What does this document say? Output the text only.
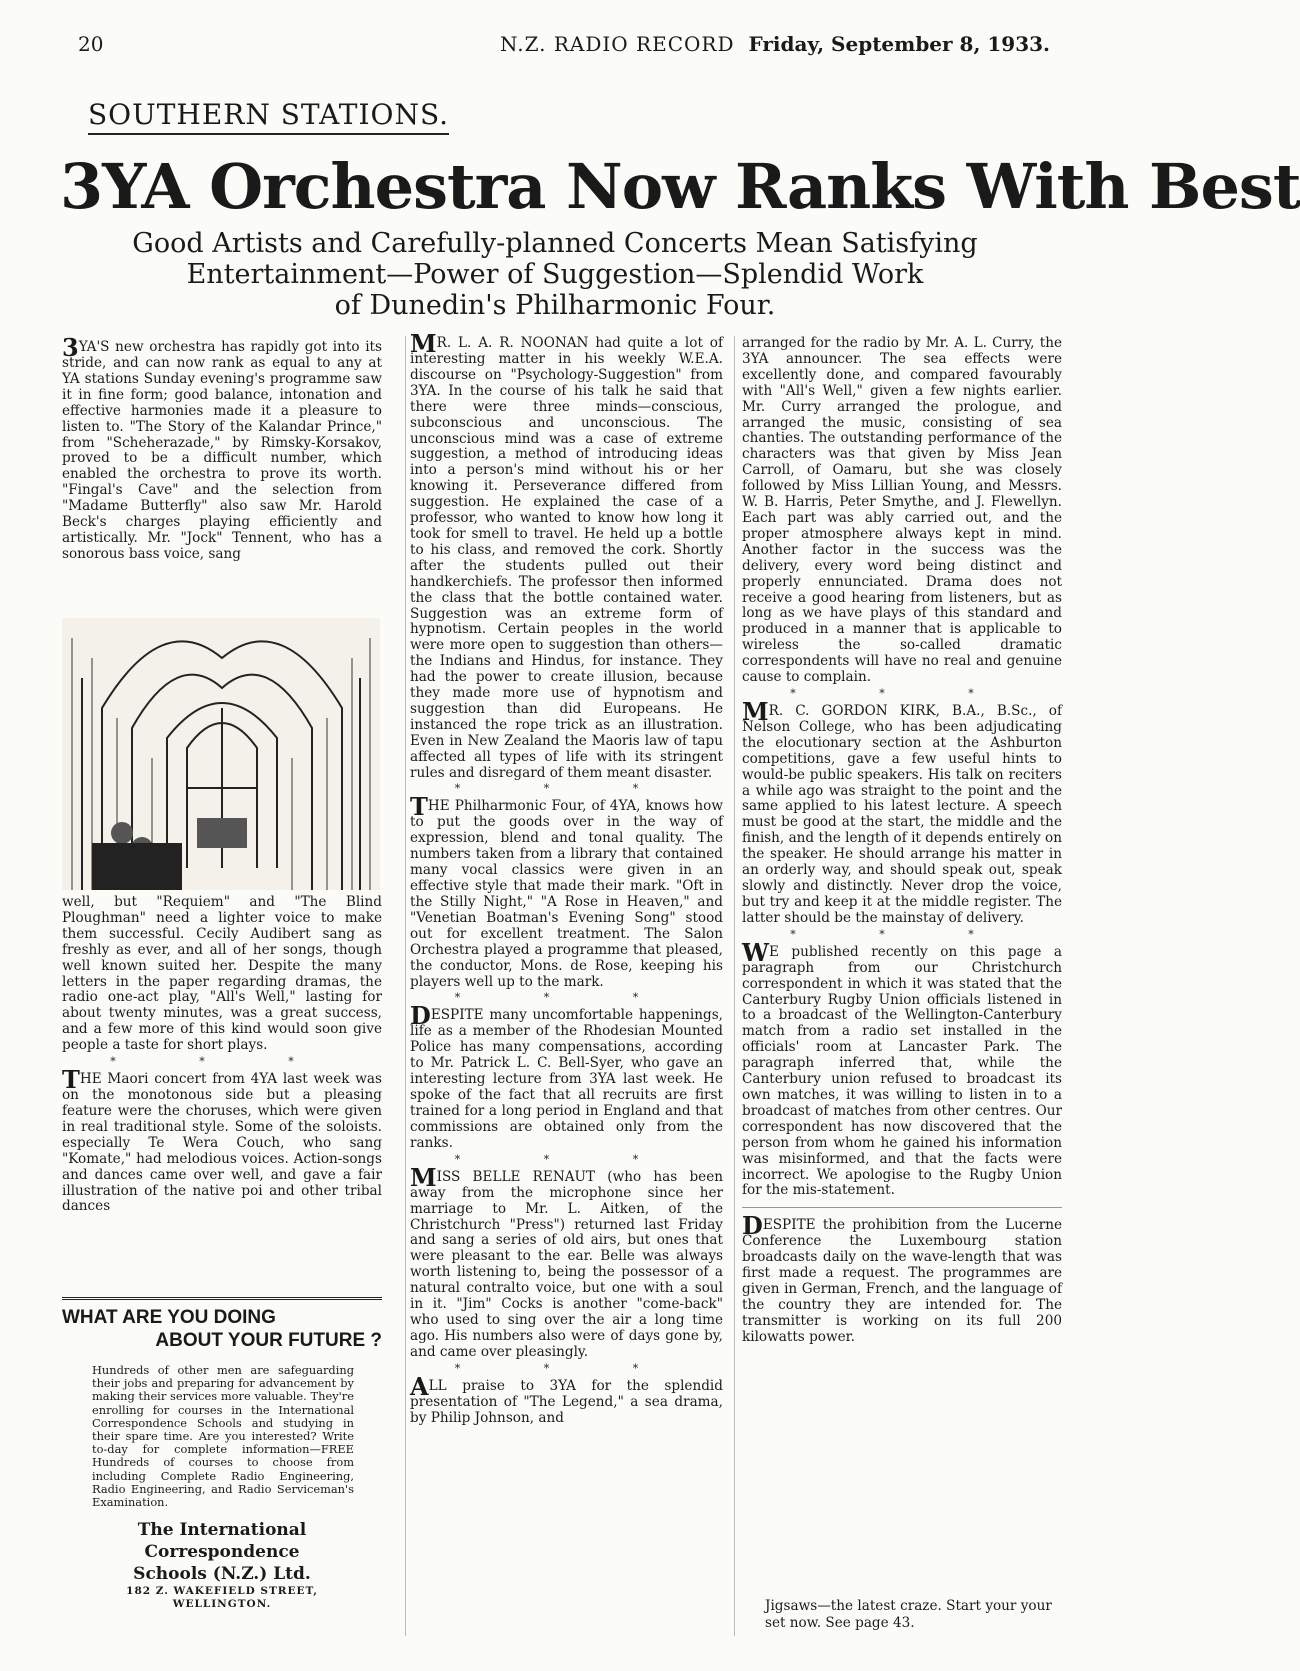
20	N.Z. RADIO RECORD Friday, September 8, 1933.
SOUTHERN STATIONS.
3YA Orchestra Now Ranks With Best
Good Artists and Carefully-planned Concerts Mean Satisfying
Entertainment—Power of Suggestion—Splendid Work
of Dunedin's Philharmonic Four.

3YA'S new orchestra has rapidly got into its stride, and can now rank as equal to any at YA stations Sunday evening's programme saw it in fine form; good balance, intonation and effective harmonies made it a pleasure to listen to. "The Story of the Kalandar Prince," from "Scheherazade," by Rimsky-Korsakov, proved to be a difficult number, which enabled the orchestra to prove its worth. "Fingal's Cave" and the selection from "Madame Butterfly" also saw Mr. Harold Beck's charges playing efficiently and artistically. Mr. "Jock" Tennent, who has a sonorous bass voice, sang

well, but "Requiem" and "The Blind Ploughman" need a lighter voice to make them successful. Cecily Audibert sang as freshly as ever, and all of her songs, though well known suited her. Despite the many letters in the paper regarding dramas, the radio one-act play, "All's Well," lasting for about twenty minutes, was a great success, and a few more of this kind would soon give people a taste for short plays.

* * *

THE Maori concert from 4YA last week was on the monotonous side but a pleasing feature were the choruses, which were given in real traditional style. Some of the soloists. especially Te Wera Couch, who sang "Komate," had melodious voices. Action-songs and dances came over well, and gave a fair illustration of the native poi and other tribal dances

WHAT ARE YOU DOING
ABOUT YOUR FUTURE ?
Hundreds of other men are safeguarding their jobs and preparing for advancement by making their services more valuable. They're enrolling for courses in the International Correspondence Schools and studying in their spare time. Are you interested? Write to-day for complete information—FREE Hundreds of courses to choose from including Complete Radio Engineering, Radio Engineering, and Radio Serviceman's Examination.
The International Correspondence
Schools (N.Z.) Ltd.
182 Z. WAKEFIELD STREET,
WELLINGTON.

MR. L. A. R. NOONAN had quite a lot of interesting matter in his weekly W.E.A. discourse on "Psychology-Suggestion" from 3YA. In the course of his talk he said that there were three minds—conscious, subconscious and unconscious. The unconscious mind was a case of extreme suggestion, a method of introducing ideas into a person's mind without his or her knowing it. Perseverance differed from suggestion. He explained the case of a professor, who wanted to know how long it took for smell to travel. He held up a bottle to his class, and removed the cork. Shortly after the students pulled out their handkerchiefs. The professor then informed the class that the bottle contained water. Suggestion was an extreme form of hypnotism. Certain peoples in the world were more open to suggestion than others—the Indians and Hindus, for instance. They had the power to create illusion, because they made more use of hypnotism and suggestion than did Europeans. He instanced the rope trick as an illustration. Even in New Zealand the Maoris law of tapu affected all types of life with its stringent rules and disregard of them meant disaster.

* * *

THE Philharmonic Four, of 4YA, knows how to put the goods over in the way of expression, blend and tonal quality. The numbers taken from a library that contained many vocal classics were given in an effective style that made their mark. "Oft in the Stilly Night," "A Rose in Heaven," and "Venetian Boatman's Evening Song" stood out for excellent treatment. The Salon Orchestra played a programme that pleased, the conductor, Mons. de Rose, keeping his players well up to the mark.

* * *

DESPITE many uncomfortable happenings, life as a member of the Rhodesian Mounted Police has many compensations, according to Mr. Patrick L. C. Bell-Syer, who gave an interesting lecture from 3YA last week. He spoke of the fact that all recruits are first trained for a long period in England and that commissions are obtained only from the ranks.

* * *

MISS BELLE RENAUT (who has been away from the microphone since her marriage to Mr. L. Aitken, of the Christchurch "Press") returned last Friday and sang a series of old airs, but ones that were pleasant to the ear. Belle was always worth listening to, being the possessor of a natural contralto voice, but one with a soul in it. "Jim" Cocks is another "come-back" who used to sing over the air a long time ago. His numbers also were of days gone by, and came over pleasingly.

* * *

ALL praise to 3YA for the splendid presentation of "The Legend," a sea drama, by Philip Johnson, and

arranged for the radio by Mr. A. L. Curry, the 3YA announcer. The sea effects were excellently done, and compared favourably with "All's Well," given a few nights earlier. Mr. Curry arranged the prologue, and arranged the music, consisting of sea chanties. The outstanding performance of the characters was that given by Miss Jean Carroll, of Oamaru, but she was closely followed by Miss Lillian Young, and Messrs. W. B. Harris, Peter Smythe, and J. Flewellyn. Each part was ably carried out, and the proper atmosphere always kept in mind. Another factor in the success was the delivery, every word being distinct and properly ennunciated. Drama does not receive a good hearing from listeners, but as long as we have plays of this standard and produced in a manner that is applicable to wireless the so-called dramatic correspondents will have no real and genuine cause to complain.

* * *

MR. C. GORDON KIRK, B.A., B.Sc., of Nelson College, who has been adjudicating the elocutionary section at the Ashburton competitions, gave a few useful hints to would-be public speakers. His talk on reciters a while ago was straight to the point and the same applied to his latest lecture. A speech must be good at the start, the middle and the finish, and the length of it depends entirely on the speaker. He should arrange his matter in an orderly way, and should speak out, speak slowly and distinctly. Never drop the voice, but try and keep it at the middle register. The latter should be the mainstay of delivery.

* * *

WE published recently on this page a paragraph from our Christchurch correspondent in which it was stated that the Canterbury Rugby Union officials listened in to a broadcast of the Wellington-Canterbury match from a radio set installed in the officials' room at Lancaster Park. The paragraph inferred that, while the Canterbury union refused to broadcast its own matches, it was willing to listen in to a broadcast of matches from other centres. Our correspondent has now discovered that the person from whom he gained his information was misinformed, and that the facts were incorrect. We apologise to the Rugby Union for the mis-statement.

DESPITE the prohibition from the Lucerne Conference the Luxembourg station broadcasts daily on the wave-length that was first made a request. The programmes are given in German, French, and the language of the country they are intended for. The transmitter is working on its full 200 kilowatts power.

Jigsaws—the latest craze. Start your your set now. See page 43.
